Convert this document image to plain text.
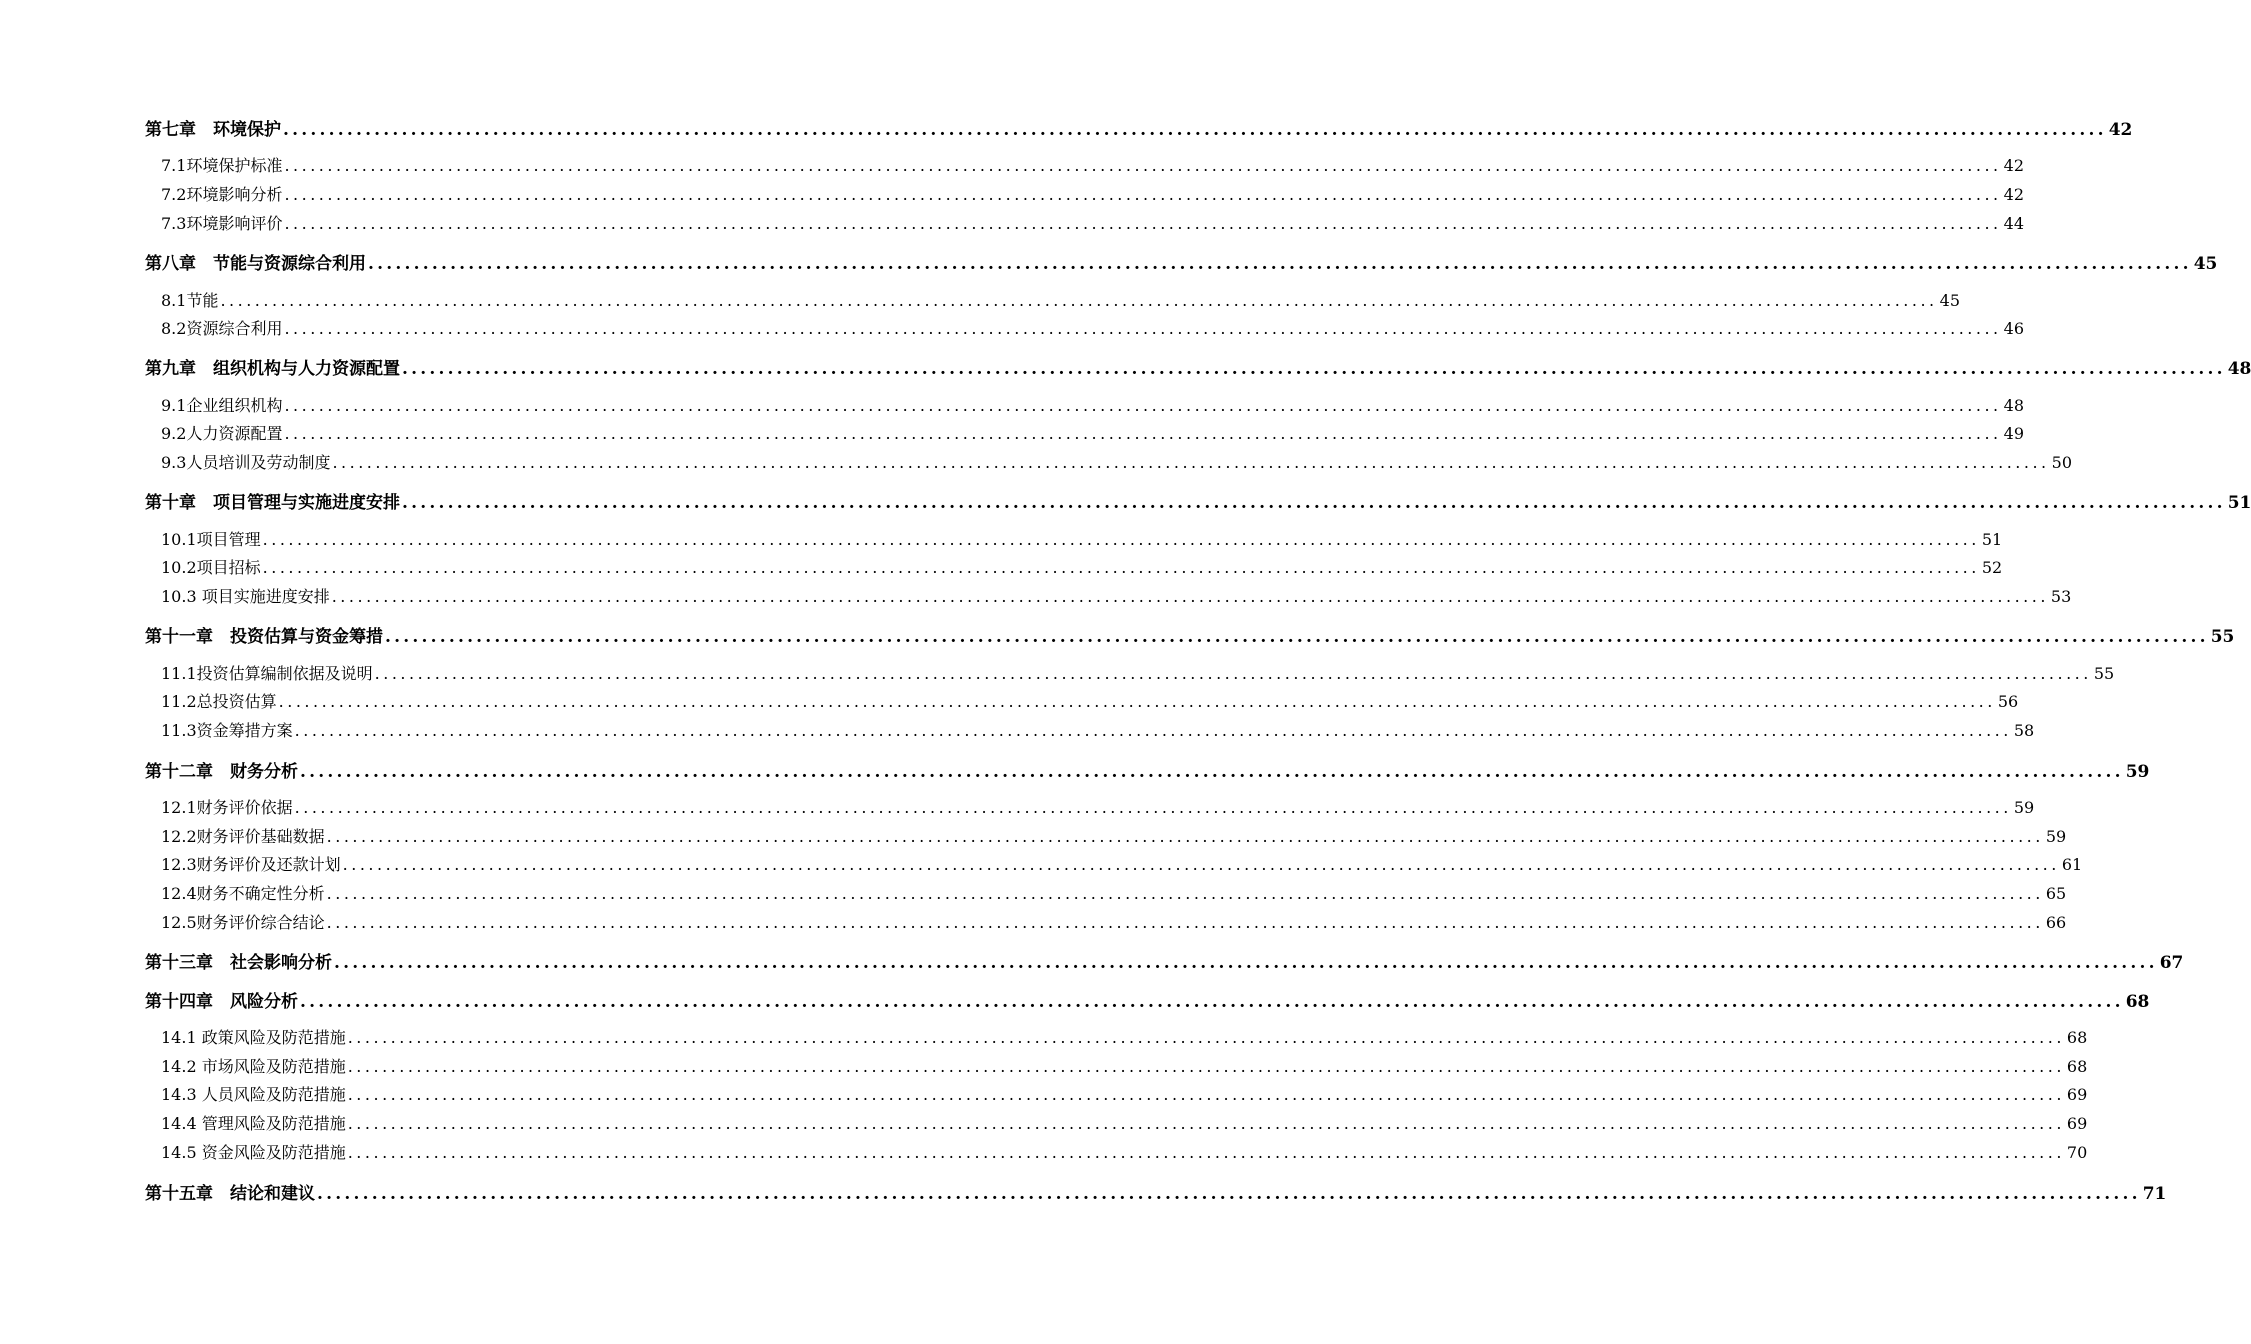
第七章　环境保护 ........................................................................................................................................................................................................ 42
7.1环境保护标准 ........................................................................................................................................................................................................ 42
7.2环境影响分析 ........................................................................................................................................................................................................ 42
7.3环境影响评价 ........................................................................................................................................................................................................ 44
第八章　节能与资源综合利用 ........................................................................................................................................................................................................ 45
8.1节能 ........................................................................................................................................................................................................ 45
8.2资源综合利用 ........................................................................................................................................................................................................ 46
第九章　组织机构与人力资源配置 ........................................................................................................................................................................................................ 48
9.1企业组织机构 ........................................................................................................................................................................................................ 48
9.2人力资源配置 ........................................................................................................................................................................................................ 49
9.3人员培训及劳动制度 ........................................................................................................................................................................................................ 50
第十章　项目管理与实施进度安排 ........................................................................................................................................................................................................ 51
10.1项目管理 ........................................................................................................................................................................................................ 51
10.2项目招标 ........................................................................................................................................................................................................ 52
10.3 项目实施进度安排 ........................................................................................................................................................................................................ 53
第十一章　投资估算与资金筹措 ........................................................................................................................................................................................................ 55
11.1投资估算编制依据及说明 ........................................................................................................................................................................................................ 55
11.2总投资估算 ........................................................................................................................................................................................................ 56
11.3资金筹措方案 ........................................................................................................................................................................................................ 58
第十二章　财务分析 ........................................................................................................................................................................................................ 59
12.1财务评价依据 ........................................................................................................................................................................................................ 59
12.2财务评价基础数据 ........................................................................................................................................................................................................ 59
12.3财务评价及还款计划 ........................................................................................................................................................................................................ 61
12.4财务不确定性分析 ........................................................................................................................................................................................................ 65
12.5财务评价综合结论 ........................................................................................................................................................................................................ 66
第十三章　社会影响分析 ........................................................................................................................................................................................................ 67
第十四章　风险分析 ........................................................................................................................................................................................................ 68
14.1 政策风险及防范措施 ........................................................................................................................................................................................................ 68
14.2 市场风险及防范措施 ........................................................................................................................................................................................................ 68
14.3 人员风险及防范措施 ........................................................................................................................................................................................................ 69
14.4 管理风险及防范措施 ........................................................................................................................................................................................................ 69
14.5 资金风险及防范措施 ........................................................................................................................................................................................................ 70
第十五章　结论和建议 ........................................................................................................................................................................................................ 71
